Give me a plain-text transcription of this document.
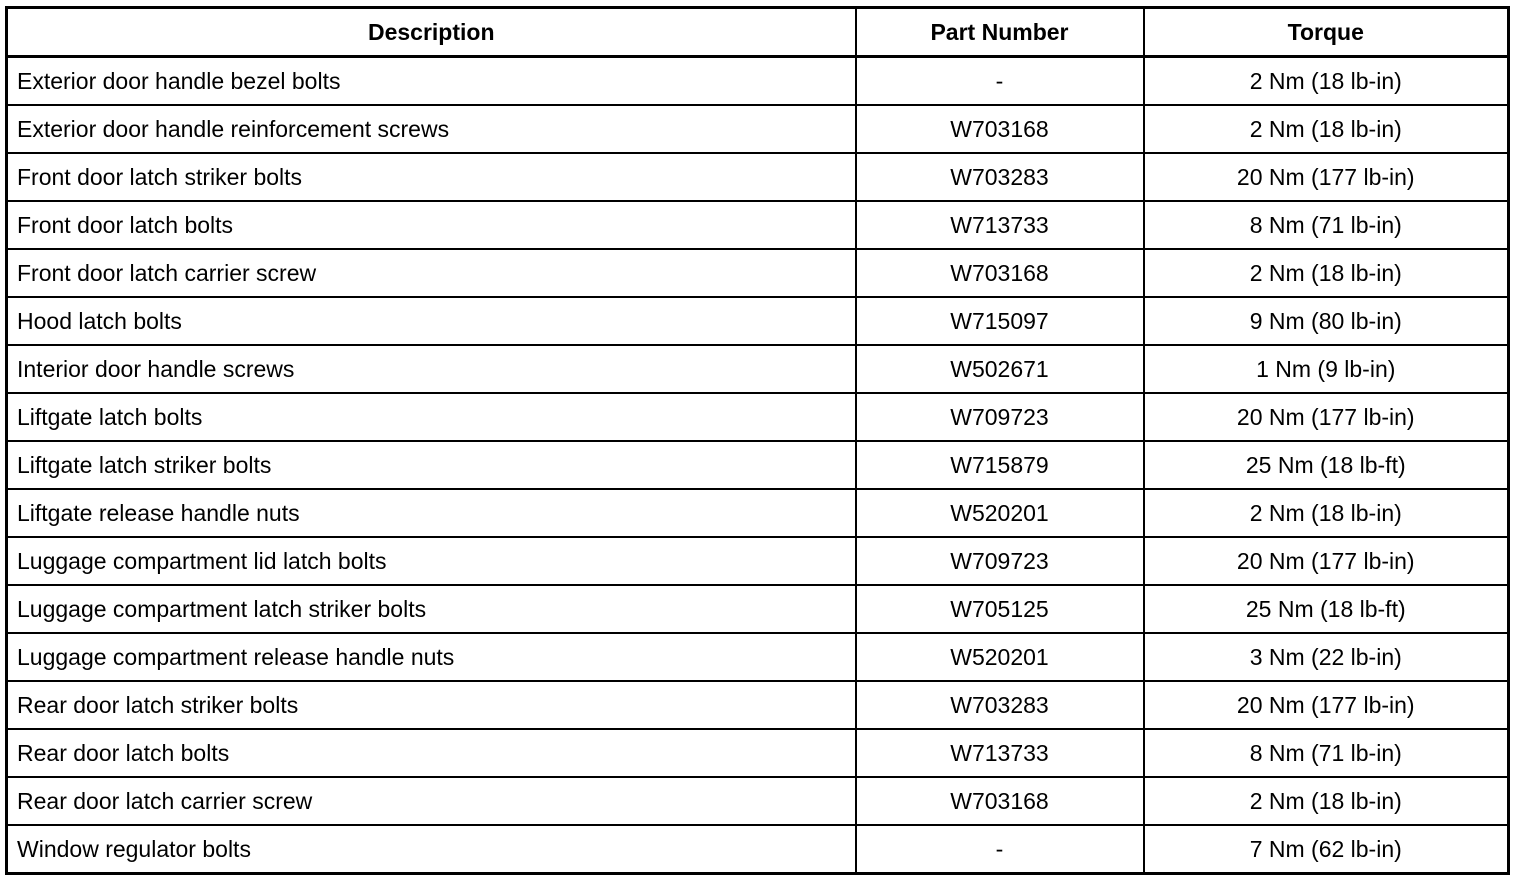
Description	Part Number	Torque
Exterior door handle bezel bolts	-	2 Nm (18 lb-in)
Exterior door handle reinforcement screws	W703168	2 Nm (18 lb-in)
Front door latch striker bolts	W703283	20 Nm (177 lb-in)
Front door latch bolts	W713733	8 Nm (71 lb-in)
Front door latch carrier screw	W703168	2 Nm (18 lb-in)
Hood latch bolts	W715097	9 Nm (80 lb-in)
Interior door handle screws	W502671	1 Nm (9 lb-in)
Liftgate latch bolts	W709723	20 Nm (177 lb-in)
Liftgate latch striker bolts	W715879	25 Nm (18 lb-ft)
Liftgate release handle nuts	W520201	2 Nm (18 lb-in)
Luggage compartment lid latch bolts	W709723	20 Nm (177 lb-in)
Luggage compartment latch striker bolts	W705125	25 Nm (18 lb-ft)
Luggage compartment release handle nuts	W520201	3 Nm (22 lb-in)
Rear door latch striker bolts	W703283	20 Nm (177 lb-in)
Rear door latch bolts	W713733	8 Nm (71 lb-in)
Rear door latch carrier screw	W703168	2 Nm (18 lb-in)
Window regulator bolts	-	7 Nm (62 lb-in)
